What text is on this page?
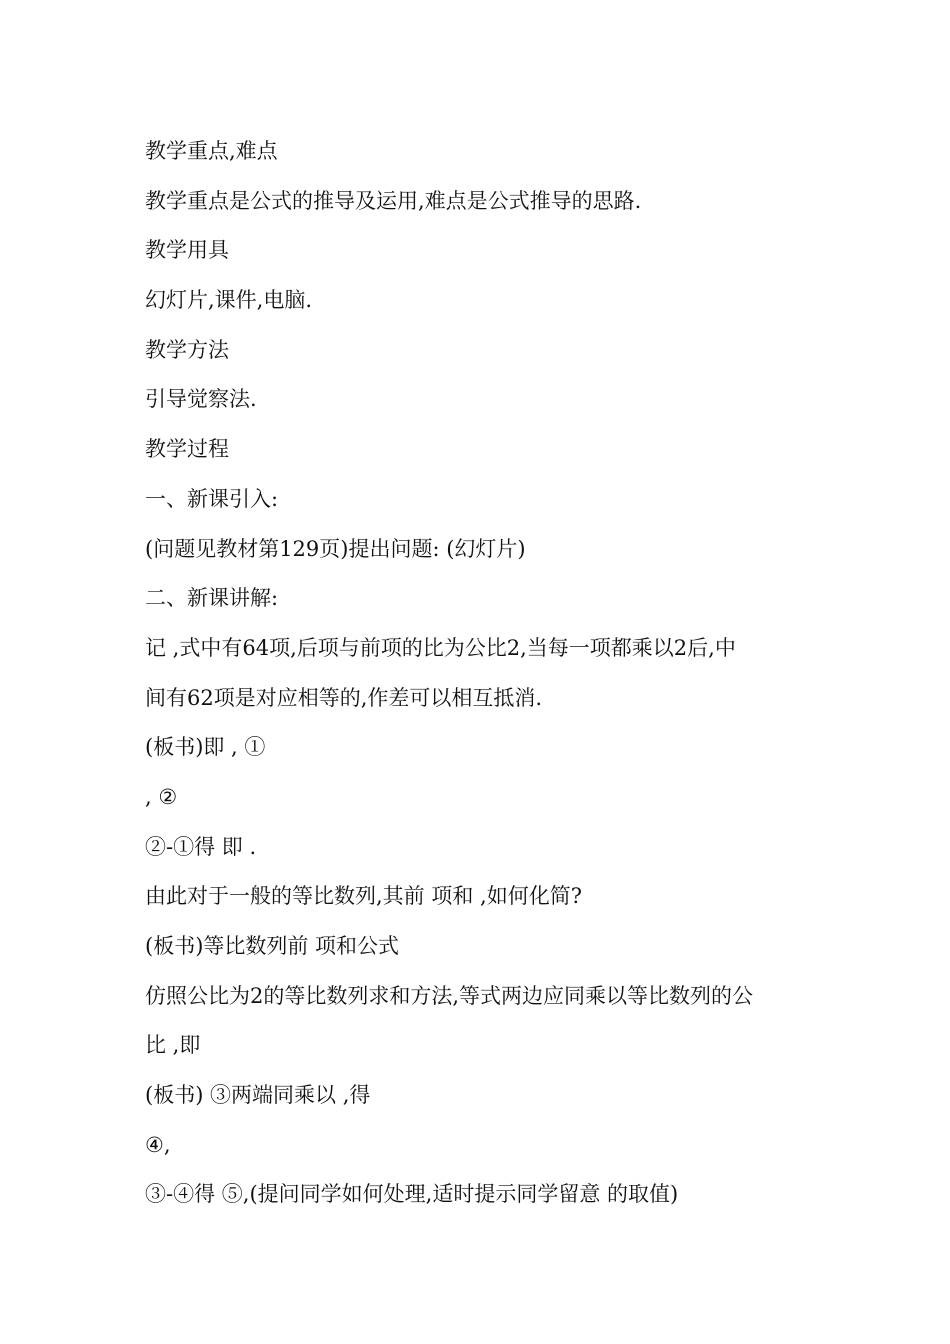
教学重点,难点
教学重点是公式的推导及运用,难点是公式推导的思路.
教学用具
幻灯片,课件,电脑.
教学方法
引导觉察法.
教学过程
一、新课引入:
(问题见教材第129页)提出问题: (幻灯片)
二、新课讲解:
记 ,式中有64项,后项与前项的比为公比2,当每一项都乘以2后,中
间有62项是对应相等的,作差可以相互抵消.
(板书)即 , ①
, ②
②-①得 即 .
由此对于一般的等比数列,其前 项和 ,如何化简?
(板书)等比数列前 项和公式
仿照公比为2的等比数列求和方法,等式两边应同乘以等比数列的公
比 ,即
(板书) ③两端同乘以 ,得
④,
③-④得 ⑤,(提问同学如何处理,适时提示同学留意 的取值)
